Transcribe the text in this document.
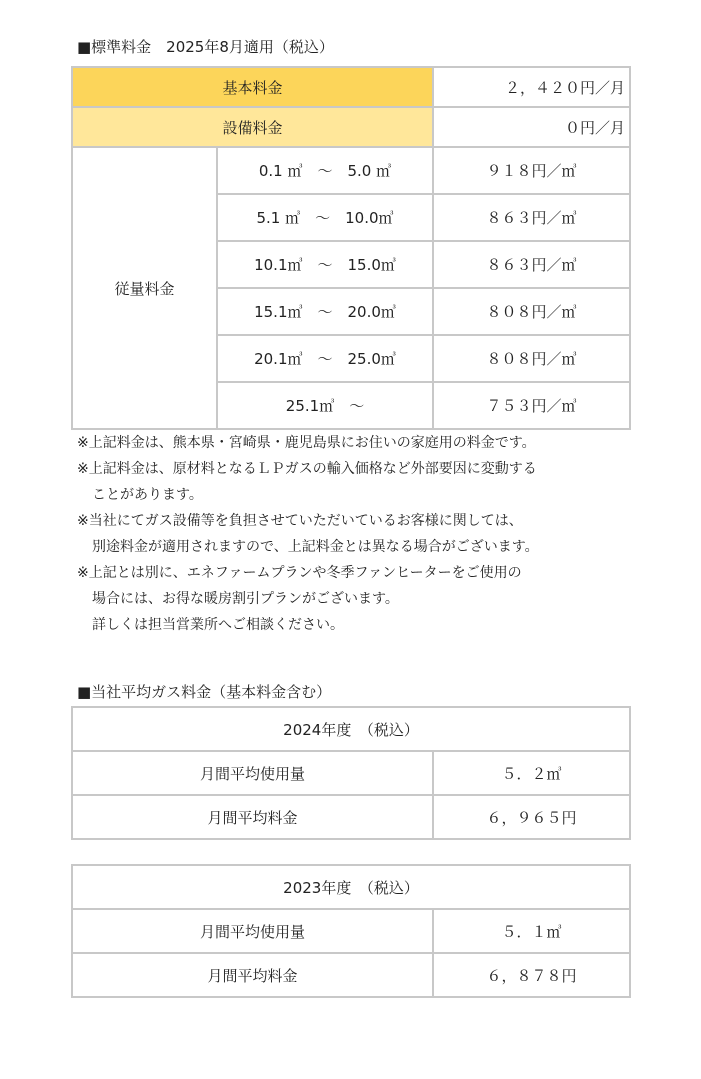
■標準料金　2025年8月適用（税込）
基本料金		２，４２０円／月
設備料金		０円／月
従量料金	0.1 ㎥　～　5.0 ㎥	９１８円／㎥
	5.1 ㎥　～　10.0㎥	８６３円／㎥
	10.1㎥　～　15.0㎥	８６３円／㎥
	15.1㎥　～　20.0㎥	８０８円／㎥
	20.1㎥　～　25.0㎥	８０８円／㎥
	25.1㎥　～	７５３円／㎥
※上記料金は、熊本県・宮崎県・鹿児島県にお住いの家庭用の料金です。
※上記料金は、原材料となるＬＰガスの輸入価格など外部要因に変動する
ことがあります。
※当社にてガス設備等を負担させていただいているお客様に関しては、
別途料金が適用されますので、上記料金とは異なる場合がございます。
※上記とは別に、エネファームプランや冬季ファンヒーターをご使用の
場合には、お得な暖房割引プランがございます。
詳しくは担当営業所へご相談ください。
■当社平均ガス料金（基本料金含む）
2024年度　（税込）	
月間平均使用量	５．２㎥
月間平均料金	６，９６５円
2023年度　（税込）	
月間平均使用量	５．１㎥
月間平均料金	６，８７８円
